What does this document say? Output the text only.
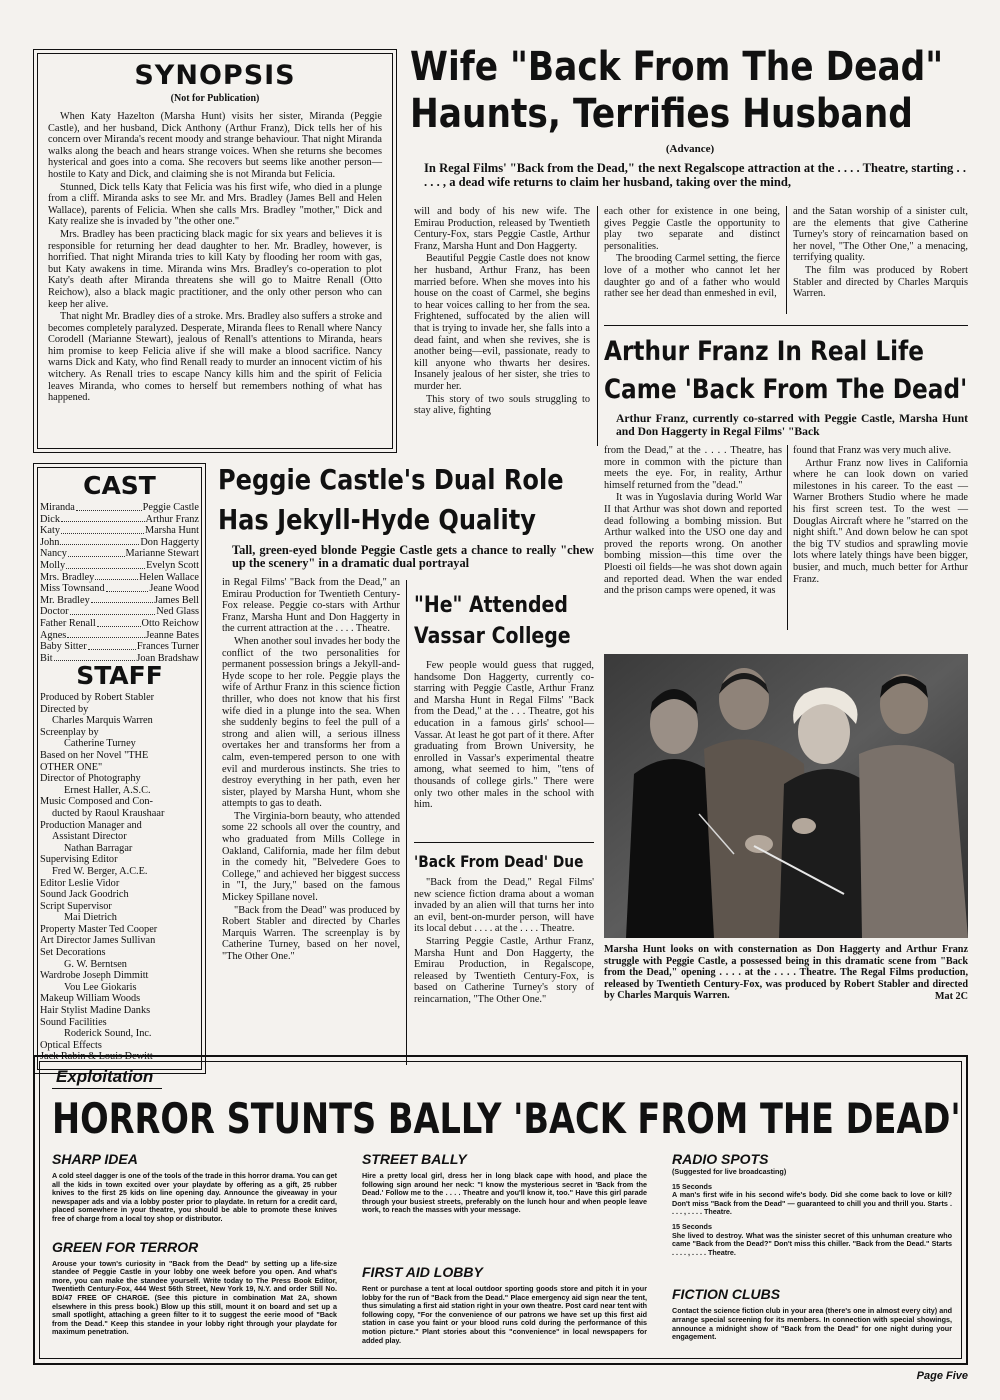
SYNOPSIS
(Not for Publication)

When Katy Hazelton (Marsha Hunt) visits her sister, Miranda (Peggie Castle), and her husband, Dick Anthony (Arthur Franz), Dick tells her of his concern over Miranda's recent moody and strange behaviour. That night Miranda walks along the beach and hears strange voices. When she returns she becomes hysterical and goes into a coma. She recovers but seems like another person—hostile to Katy and Dick, and claiming she is not Miranda but Felicia.

Stunned, Dick tells Katy that Felicia was his first wife, who died in a plunge from a cliff. Miranda asks to see Mr. and Mrs. Bradley (James Bell and Helen Wallace), parents of Felicia. When she calls Mrs. Bradley "mother," Dick and Katy realize she is invaded by "the other one."

Mrs. Bradley has been practicing black magic for six years and believes it is responsible for returning her dead daughter to her. Mr. Bradley, however, is horrified. That night Miranda tries to kill Katy by flooding her room with gas, but Katy awakens in time. Miranda wins Mrs. Bradley's co-operation to plot Katy's death after Miranda threatens she will go to Maitre Renall (Otto Reichow), also a black magic practitioner, and the only other person who can keep her alive.

That night Mr. Bradley dies of a stroke. Mrs. Bradley also suffers a stroke and becomes completely paralyzed. Desperate, Miranda flees to Renall where Nancy Corodell (Marianne Stewart), jealous of Renall's attentions to Miranda, hears him promise to keep Felicia alive if she will make a blood sacrifice. Nancy warns Dick and Katy, who find Renall ready to murder an innocent victim of his witchery. As Renall tries to escape Nancy kills him and the spirit of Felicia leaves Miranda, who comes to herself but remembers nothing of what has happened.

Wife "Back From The Dead"
Haunts, Terrifies Husband
(Advance)
In Regal Films' "Back from the Dead," the next Regalscope attraction at the . . . . Theatre, starting . . . . . , a dead wife returns to claim her husband, taking over the mind,

will and body of his new wife. The Emirau Production, released by Twentieth Century-Fox, stars Peggie Castle, Arthur Franz, Marsha Hunt and Don Haggerty.

Beautiful Peggie Castle does not know her husband, Arthur Franz, has been married before. When she moves into his house on the coast of Carmel, she begins to hear voices calling to her from the sea. Frightened, suffocated by the alien will that is trying to invade her, she falls into a dead faint, and when she revives, she is another being—evil, passionate, ready to kill anyone who thwarts her desires. Insanely jealous of her sister, she tries to murder her.

This story of two souls struggling to stay alive, fighting

each other for existence in one being, gives Peggie Castle the opportunity to play two separate and distinct personalities.

The brooding Carmel setting, the fierce love of a mother who cannot let her daughter go and of a father who would rather see her dead than enmeshed in evil,

and the Satan worship of a sinister cult, are the elements that give Catherine Turney's story of reincarnation based on her novel, "The Other One," a menacing, terrifying quality.

The film was produced by Robert Stabler and directed by Charles Marquis Warren.

Arthur Franz In Real Life
Came 'Back From The Dead'
Arthur Franz, currently co-starred with Peggie Castle, Marsha Hunt and Don Haggerty in Regal Films' "Back

from the Dead," at the . . . . Theatre, has more in common with the picture than meets the eye. For, in reality, Arthur himself returned from the "dead."

It was in Yugoslavia during World War II that Arthur was shot down and reported dead following a bombing mission. But Arthur walked into the USO one day and proved the reports wrong. On another bombing mission—this time over the Ploesti oil fields—he was shot down again and reported dead. When the war ended and the prison camps were opened, it was

found that Franz was very much alive.

Arthur Franz now lives in California where he can look down on varied milestones in his career. To the east — Warner Brothers Studio where he made his first screen test. To the west —Douglas Aircraft where he "starred on the night shift." And down below he can spot the big TV studios and sprawling movie lots where lately things have been bigger, busier, and much, much better for Arthur Franz.

CAST
Miranda	Peggie Castle
Dick	Arthur Franz
Katy	Marsha Hunt
John	Don Haggerty
Nancy	Marianne Stewart
Molly	Evelyn Scott
Mrs. Bradley	Helen Wallace
Miss Townsand	Jeane Wood
Mr. Bradley	James Bell
Doctor	Ned Glass
Father Renall	Otto Reichow
Agnes	Jeanne Bates
Baby Sitter	Frances Turner
Bit	Joan Bradshaw
STAFF
Produced by Robert Stabler
Directed by
Charles Marquis Warren
Screenplay by
Catherine Turney
Based on her Novel "THE
OTHER ONE"
Director of Photography
Ernest Haller, A.S.C.
Music Composed and Con-
ducted by Raoul Kraushaar
Production Manager and
Assistant Director
Nathan Barragar
Supervising Editor
Fred W. Berger, A.C.E.
Editor Leslie Vidor
Sound Jack Goodrich
Script Supervisor
Mai Dietrich
Property Master Ted Cooper
Art Director James Sullivan
Set Decorations
G. W. Berntsen
Wardrobe Joseph Dimmitt
Vou Lee Giokaris
Makeup William Woods
Hair Stylist Madine Danks
Sound Facilities
Roderick Sound, Inc.
Optical Effects
Jack Rabin & Louis Dewitt
Peggie Castle's Dual Role
Has Jekyll-Hyde Quality
Tall, green-eyed blonde Peggie Castle gets a chance to really "chew up the scenery" in a dramatic dual portrayal

in Regal Films' "Back from the Dead," an Emirau Production for Twentieth Century-Fox release. Peggie co-stars with Arthur Franz, Marsha Hunt and Don Haggerty in the current attraction at the . . . . Theatre.

When another soul invades her body the conflict of the two personalities for permanent possession brings a Jekyll-and-Hyde scope to her role. Peggie plays the wife of Arthur Franz in this science fiction thriller, who does not know that his first wife died in a plunge into the sea. When she suddenly begins to feel the pull of a strong and alien will, a serious illness overtakes her and transforms her from a calm, even-tempered person to one with evil and murderous instincts. She tries to destroy everything in her path, even her sister, played by Marsha Hunt, whom she attempts to gas to death.

The Virginia-born beauty, who attended some 22 schools all over the country, and who graduated from Mills College in Oakland, California, made her film debut in the comedy hit, "Belvedere Goes to College," and achieved her biggest success in "I, the Jury," based on the famous Mickey Spillane novel.

"Back from the Dead" was produced by Robert Stabler and directed by Charles Marquis Warren. The screenplay is by Catherine Turney, based on her novel, "The Other One."

"He" Attended
Vassar College

Few people would guess that rugged, handsome Don Haggerty, currently co-starring with Peggie Castle, Arthur Franz and Marsha Hunt in Regal Films' "Back from the Dead," at the . . . Theatre, got his education in a famous girls' school—Vassar. At least he got part of it there. After graduating from Brown University, he enrolled in Vassar's experimental theatre among, what seemed to him, "tens of thousands of college girls." There were only two other males in the school with him.

'Back From Dead' Due

"Back from the Dead," Regal Films' new science fiction drama about a woman invaded by an alien will that turns her into an evil, bent-on-murder person, will have its local debut . . . . at the . . . . Theatre.

Starring Peggie Castle, Arthur Franz, Marsha Hunt and Don Haggerty, the Emirau Production, in Regalscope, released by Twentieth Century-Fox, is based on Catherine Turney's story of reincarnation, "The Other One."

Marsha Hunt looks on with consternation as Don Haggerty and Arthur Franz struggle with Peggie Castle, a possessed being in this dramatic scene from "Back from the Dead," opening . . . . at the . . . . Theatre. The Regal Films production, released by Twentieth Century-Fox, was produced by Robert Stabler and directed by Charles Marquis Warren.	Mat 2C
Exploitation
HORROR STUNTS BALLY 'BACK FROM THE DEAD'
SHARP IDEA
A cold steel dagger is one of the tools of the trade in this horror drama. You can get all the kids in town excited over your playdate by offering as a gift, 25 rubber knives to the first 25 kids on line opening day. Announce the giveaway in your newspaper ads and via a lobby poster prior to playdate. In return for a credit card, placed somewhere in your theatre, you should be able to promote these knives free of charge from a local toy shop or distributor.
GREEN FOR TERROR
Arouse your town's curiosity in "Back from the Dead" by setting up a life-size standee of Peggie Castle in your lobby one week before you open. And what's more, you can make the standee yourself. Write today to The Press Book Editor, Twentieth Century-Fox, 444 West 56th Street, New York 19, N.Y. and order Still No. BD/47 FREE OF CHARGE. (See this picture in combination Mat 2A, shown elsewhere in this press book.) Blow up this still, mount it on board and set up a small spotlight, attaching a green filter to it to suggest the eerie mood of "Back from the Dead." Keep this standee in your lobby right through your playdate for maximum penetration.
STREET BALLY
Hire a pretty local girl, dress her in long black cape with hood, and place the following sign around her neck: "I know the mysterious secret in 'Back from the Dead.' Follow me to the . . . . Theatre and you'll know it, too." Have this girl parade through your busiest streets, preferably on the lunch hour and when people leave work, to reach the masses with your message.
FIRST AID LOBBY
Rent or purchase a tent at local outdoor sporting goods store and pitch it in your lobby for the run of "Back from the Dead." Place emergency aid sign near the tent, thus simulating a first aid station right in your own theatre. Post card near tent with following copy, "For the convenience of our patrons we have set up this first aid station in case you faint or your blood runs cold during the performance of this motion picture." Plant stories about this "convenience" in local newspapers for added play.
RADIO SPOTS
(Suggested for live broadcasting)
15 Seconds
A man's first wife in his second wife's body. Did she come back to love or kill? Don't miss "Back from the Dead" — guaranteed to chill you and thrill you. Starts . . . . , . . . . Theatre.
15 Seconds
She lived to destroy. What was the sinister secret of this unhuman creature who came "Back from the Dead?" Don't miss this chiller. "Back from the Dead." Starts . . . . , . . . . Theatre.
FICTION CLUBS
Contact the science fiction club in your area (there's one in almost every city) and arrange special screening for its members. In connection with special showings, announce a midnight show of "Back from the Dead" for one night during your engagement.
Page Five
